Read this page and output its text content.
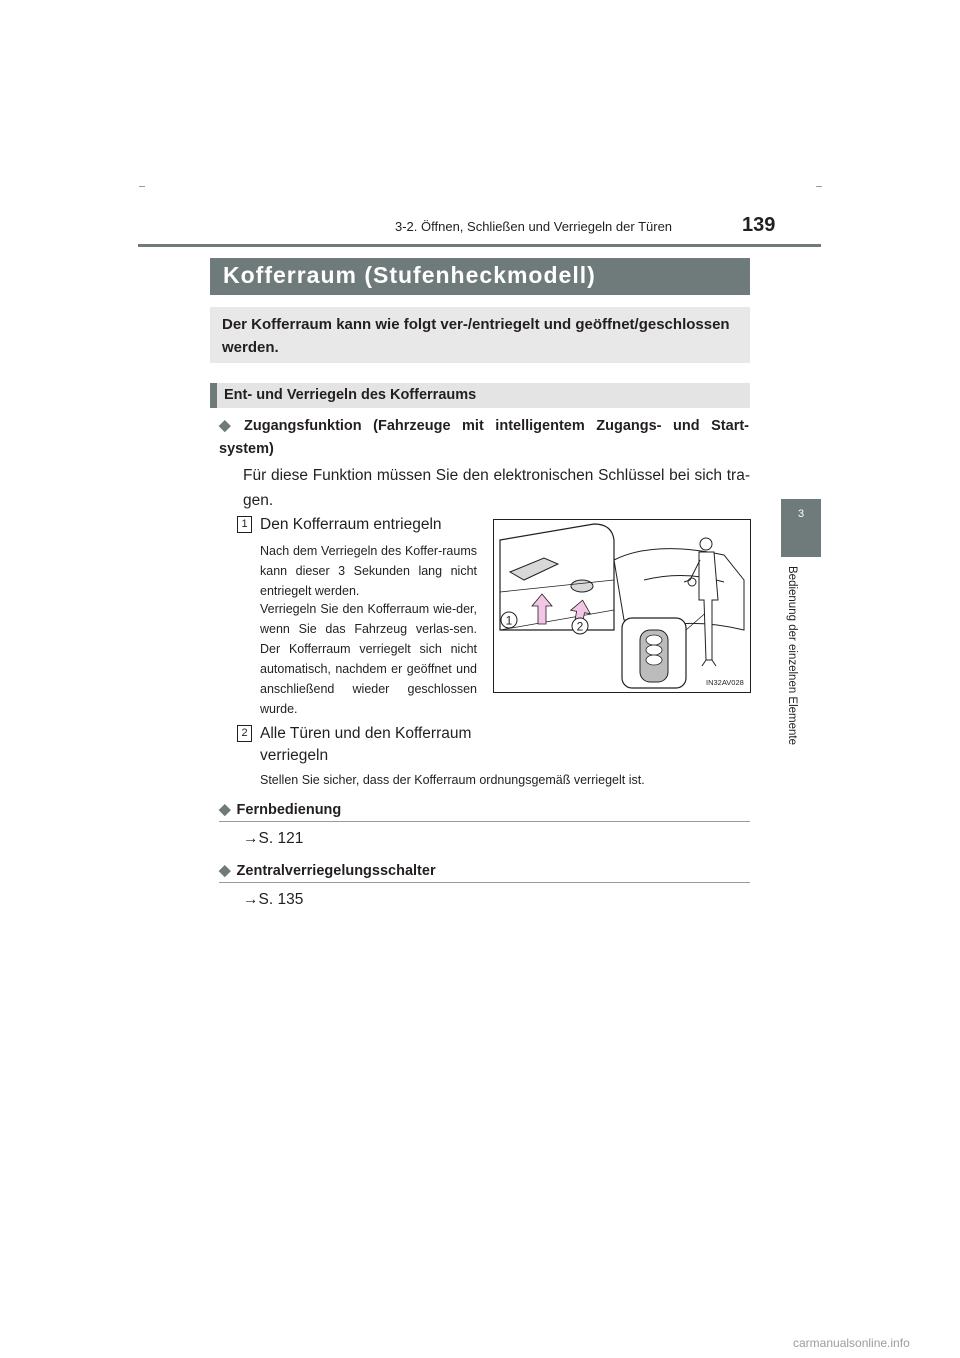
3-2. Öffnen, Schließen und Verriegeln der Türen	139
3
Bedienung der einzelnen Elemente
Kofferraum (Stufenheckmodell)
Der Kofferraum kann wie folgt ver-/entriegelt und geöffnet/geschlossen werden.
Ent- und Verriegeln des Kofferraums
◆ Zugangsfunktion (Fahrzeuge mit intelligentem Zugangs- und Start-system)
Für diese Funktion müssen Sie den elektronischen Schlüssel bei sich tra-gen.
1 Den Kofferraum entriegeln
Nach dem Verriegeln des Koffer-raums kann dieser 3 Sekunden lang nicht entriegelt werden.
Verriegeln Sie den Kofferraum wie-der, wenn Sie das Fahrzeug verlas-sen. Der Kofferraum verriegelt sich nicht automatisch, nachdem er geöffnet und anschließend wieder geschlossen wurde.
2 Alle Türen und den Kofferraum verriegeln
Stellen Sie sicher, dass der Kofferraum ordnungsgemäß verriegelt ist.
1	2
IN32AV028
◆ Fernbedienung
→S. 121
◆ Zentralverriegelungsschalter
→S. 135
carmanualsonline.info
